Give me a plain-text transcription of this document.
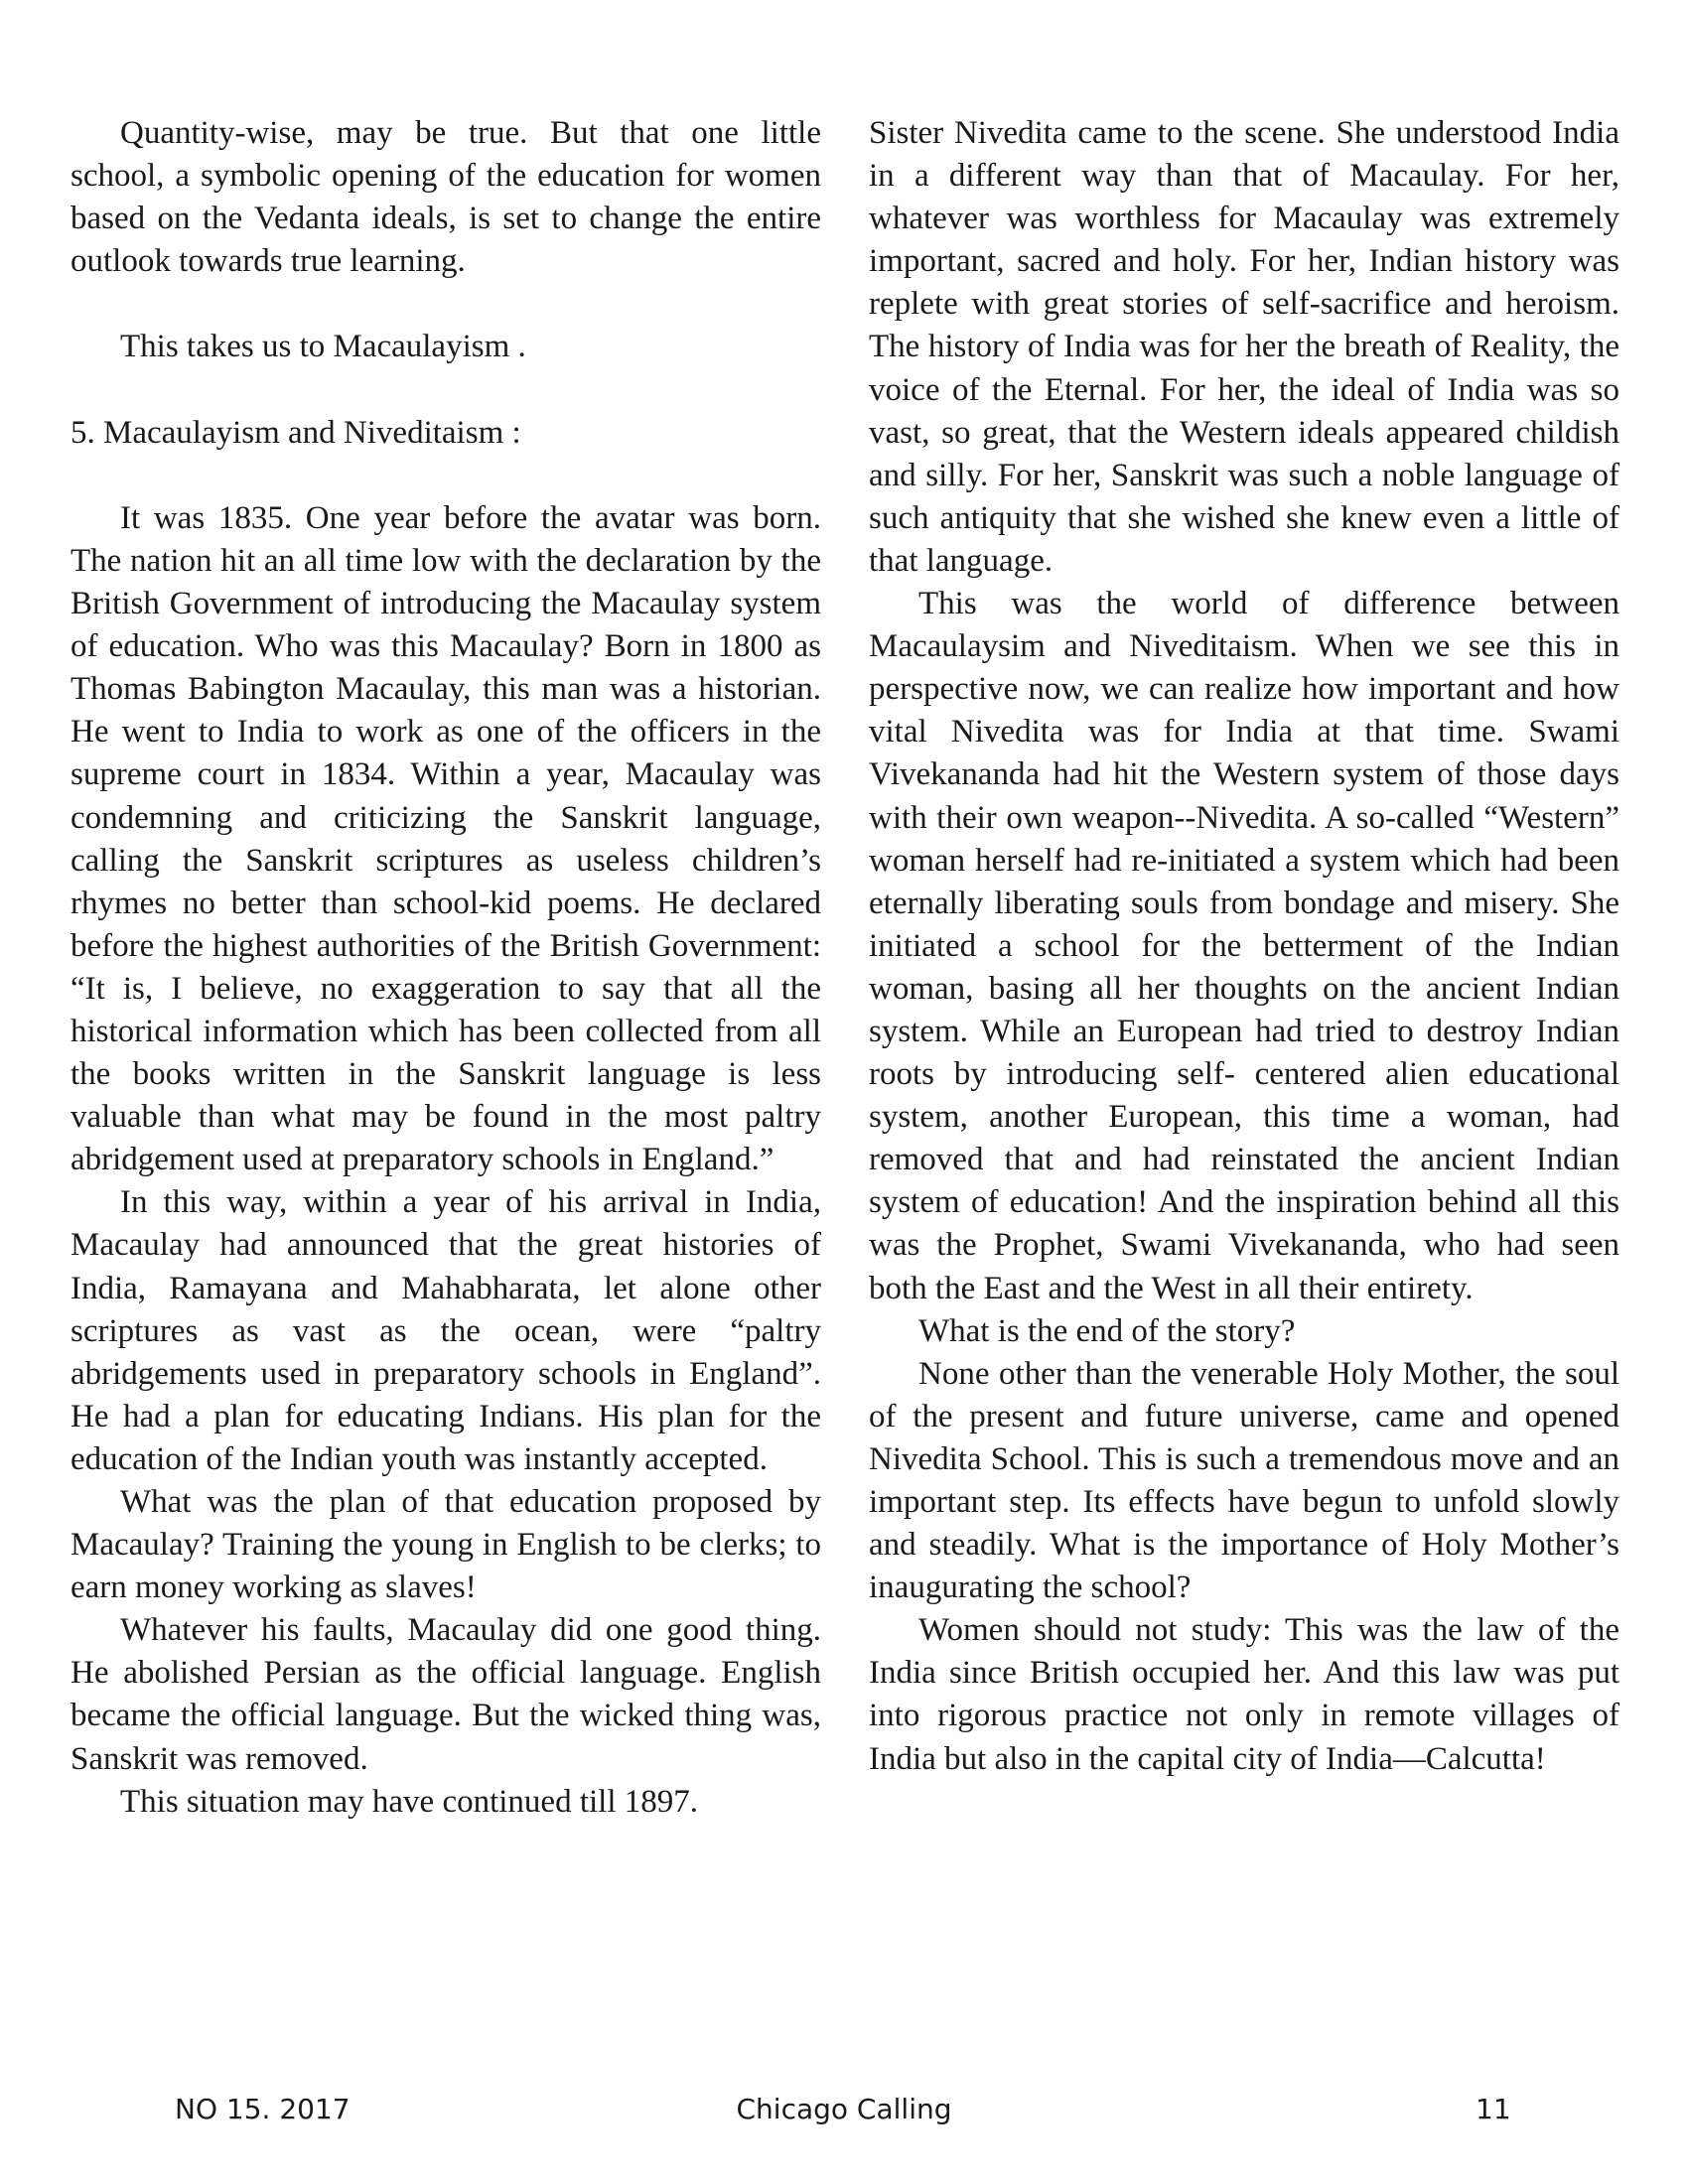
Quantity-wise, may be true. But that one little school, a symbolic opening of the education for women based on the Vedanta ideals, is set to change the entire outlook towards true learning.

This takes us to Macaulayism .

5. Macaulayism and Niveditaism :

It was 1835. One year before the avatar was born. The nation hit an all time low with the declaration by the British Government of introducing the Macaulay system of education. Who was this Macaulay? Born in 1800 as Thomas Babington Macaulay, this man was a historian. He went to India to work as one of the officers in the supreme court in 1834. Within a year, Macaulay was condemning and criticizing the Sanskrit language, calling the Sanskrit scriptures as useless children’s rhymes no better than school-kid poems. He declared before the highest authorities of the British Government: “It is, I believe, no exaggeration to say that all the historical information which has been collected from all the books written in the Sanskrit language is less valuable than what may be found in the most paltry abridgement used at preparatory schools in England.”

In this way, within a year of his arrival in India, Macaulay had announced that the great histories of India, Ramayana and Mahabharata, let alone other scriptures as vast as the ocean, were “paltry abridgements used in preparatory schools in England”. He had a plan for educating Indians. His plan for the education of the Indian youth was instantly accepted.

What was the plan of that education proposed by Macaulay? Training the young in English to be clerks; to earn money working as slaves!

Whatever his faults, Macaulay did one good thing. He abolished Persian as the official language. English became the official language. But the wicked thing was, Sanskrit was removed.

This situation may have continued till 1897.

Sister Nivedita came to the scene. She understood India in a different way than that of Macaulay. For her, whatever was worthless for Macaulay was extremely important, sacred and holy. For her, Indian history was replete with great stories of self-sacrifice and heroism. The history of India was for her the breath of Reality, the voice of the Eternal. For her, the ideal of India was so vast, so great, that the Western ideals appeared childish and silly. For her, Sanskrit was such a noble language of such antiquity that she wished she knew even a little of that language.

This was the world of difference between Macaulaysim and Niveditaism. When we see this in perspective now, we can realize how important and how vital Nivedita was for India at that time. Swami Vivekananda had hit the Western system of those days with their own weapon--Nivedita. A so-called “Western” woman herself had re-initiated a system which had been eternally liberating souls from bondage and misery. She initiated a school for the betterment of the Indian woman, basing all her thoughts on the ancient Indian system. While an European had tried to destroy Indian roots by introducing self- centered alien educational system, another European, this time a woman, had removed that and had reinstated the ancient Indian system of education! And the inspiration behind all this was the Prophet, Swami Vivekananda, who had seen both the East and the West in all their entirety.

What is the end of the story?

None other than the venerable Holy Mother, the soul of the present and future universe, came and opened Nivedita School. This is such a tremendous move and an important step. Its effects have begun to unfold slowly and steadily. What is the importance of Holy Mother’s inaugurating the school?

Women should not study: This was the law of the India since British occupied her. And this law was put into rigorous practice not only in remote villages of India but also in the capital city of India—Calcutta!

NO 15. 2017	Chicago Calling	11
